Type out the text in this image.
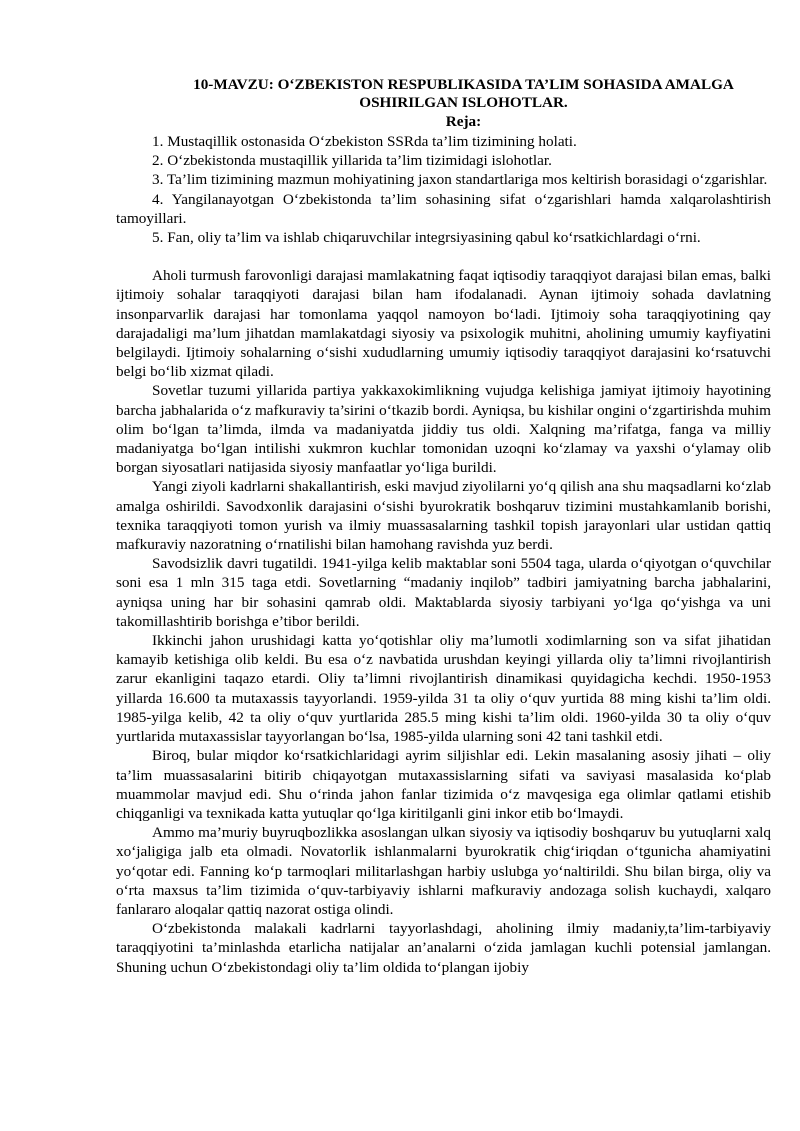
10-MAVZU: O‘ZBEKISTON RESPUBLIKASIDA TA’LIM SOHASIDA AMALGA
OSHIRILGAN ISLOHOTLAR.
Reja:
1. Mustaqillik ostonasida O‘zbekiston SSRda ta’lim tizimining holati.
2. O‘zbekistonda mustaqillik yillarida ta’lim tizimidagi islohotlar.
3. Ta’lim tizimining mazmun mohiyatining jaxon standartlariga mos keltirish borasidagi o‘zgarishlar.
4. Yangilanayotgan O‘zbekistonda ta’lim sohasining sifat o‘zgarishlari hamda xalqarolashtirish tamoyillari.
5. Fan, oliy ta’lim va ishlab chiqaruvchilar integrsiyasining qabul ko‘rsatkichlardagi o‘rni.

Aholi turmush farovonligi darajasi mamlakatning faqat iqtisodiy taraqqiyot darajasi bilan emas, balki ijtimoiy sohalar taraqqiyoti darajasi bilan ham ifodalanadi. Aynan ijtimoiy sohada davlatning insonparvarlik darajasi har tomonlama yaqqol namoyon bo‘ladi. Ijtimoiy soha taraqqiyotining qay darajadaligi ma’lum jihatdan mamlakatdagi siyosiy va psixologik muhitni, aholining umumiy kayfiyatini belgilaydi. Ijtimoiy sohalarning o‘sishi xududlarning umumiy iqtisodiy taraqqiyot darajasini ko‘rsatuvchi belgi bo‘lib xizmat qiladi.

Sovetlar tuzumi yillarida partiya yakkaxokimlikning vujudga kelishiga jamiyat ijtimoiy hayotining barcha jabhalarida o‘z mafkuraviy ta’sirini o‘tkazib bordi. Ayniqsa, bu kishilar ongini o‘zgartirishda muhim olim bo‘lgan ta’limda, ilmda va madaniyatda jiddiy tus oldi. Xalqning ma’rifatga, fanga va milliy madaniyatga bo‘lgan intilishi xukmron kuchlar tomonidan uzoqni ko‘zlamay va yaxshi o‘ylamay olib borgan siyosatlari natijasida siyosiy manfaatlar yo‘liga burildi.

Yangi ziyoli kadrlarni shakallantirish, eski mavjud ziyolilarni yo‘q qilish ana shu maqsadlarni ko‘zlab amalga oshirildi. Savodxonlik darajasini o‘sishi byurokratik boshqaruv tizimini mustahkamlanib borishi, texnika taraqqiyoti tomon yurish va ilmiy muassasalarning tashkil topish jarayonlari ular ustidan qattiq mafkuraviy nazoratning o‘rnatilishi bilan hamohang ravishda yuz berdi.

Savodsizlik davri tugatildi. 1941-yilga kelib maktablar soni 5504 taga, ularda o‘qiyotgan o‘quvchilar soni esa 1 mln 315 taga etdi. Sovetlarning “madaniy inqilob” tadbiri jamiyatning barcha jabhalarini, ayniqsa uning har bir sohasini qamrab oldi. Maktablarda siyosiy tarbiyani yo‘lga qo‘yishga va uni takomillashtirib borishga e’tibor berildi.

Ikkinchi jahon urushidagi katta yo‘qotishlar oliy ma’lumotli xodimlarning son va sifat jihatidan kamayib ketishiga olib keldi. Bu esa o‘z navbatida urushdan keyingi yillarda oliy ta’limni rivojlantirish zarur ekanligini taqazo etardi. Oliy ta’limni rivojlantirish dinamikasi quyidagicha kechdi. 1950-1953 yillarda 16.600 ta mutaxassis tayyorlandi. 1959-yilda 31 ta oliy o‘quv yurtida 88 ming kishi ta’lim oldi. 1985-yilga kelib, 42 ta oliy o‘quv yurtlarida 285.5 ming kishi ta’lim oldi. 1960-yilda 30 ta oliy o‘quv yurtlarida mutaxassislar tayyorlangan bo‘lsa, 1985-yilda ularning soni 42 tani tashkil etdi.

Biroq, bular miqdor ko‘rsatkichlaridagi ayrim siljishlar edi. Lekin masalaning asosiy jihati – oliy ta’lim muassasalarini bitirib chiqayotgan mutaxassislarning sifati va saviyasi masalasida ko‘plab muammolar mavjud edi. Shu o‘rinda jahon fanlar tizimida o‘z mavqesiga ega olimlar qatlami etishib chiqganligi va texnikada katta yutuqlar qo‘lga kiritilganli gini inkor etib bo‘lmaydi.

Ammo ma’muriy buyruqbozlikka asoslangan ulkan siyosiy va iqtisodiy boshqaruv bu yutuqlarni xalq xo‘jaligiga jalb eta olmadi. Novatorlik ishlanmalarni byurokratik chig‘iriqdan o‘tgunicha ahamiyatini yo‘qotar edi. Fanning ko‘p tarmoqlari militarlashgan harbiy uslubga yo‘naltirildi. Shu bilan birga, oliy va o‘rta maxsus ta’lim tizimida o‘quv-tarbiyaviy ishlarni mafkuraviy andozaga solish kuchaydi, xalqaro fanlararo aloqalar qattiq nazorat ostiga olindi.

O‘zbekistonda malakali kadrlarni tayyorlashdagi, aholining ilmiy madaniy,ta’lim-tarbiyaviy taraqqiyotini ta’minlashda etarlicha natijalar an’analarni o‘zida jamlagan kuchli potensial jamlangan. Shuning uchun O‘zbekistondagi oliy ta’lim oldida to‘plangan ijobiy
